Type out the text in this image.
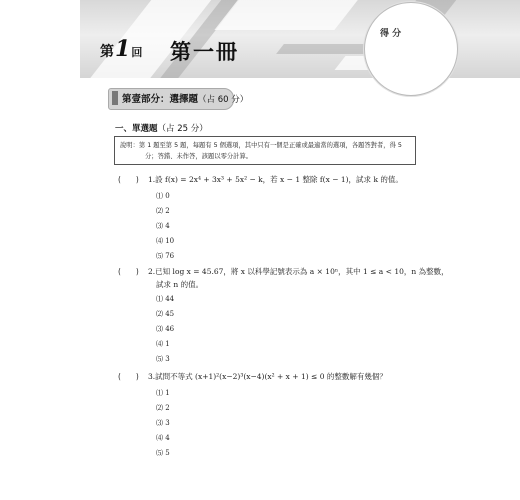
第1回 第一冊
得 分
第壹部分：選擇題（占 60 分）
一、單選題（占 25 分）
說明：第 1 題至第 5 題，每題有 5 個選項，其中只有一個是正確或最適當的選項，各題答對者，得 5
分；答錯、未作答，該題以零分計算。
(　　) 1.設 f(x) = 2x⁴ + 3x³ + 5x² − k，若 x − 1 整除 f(x − 1)，試求 k 的值。
⑴ 0
⑵ 2
⑶ 4
⑷ 10
⑸ 76
(　　) 2.已知 log x = 45.67，將 x 以科學記號表示為 a × 10ⁿ，其中 1 ≤ a < 10，n 為整數，
試求 n 的值。
⑴ 44
⑵ 45
⑶ 46
⑷ 1
⑸ 3
(　　) 3.試問不等式 (x+1)²(x−2)³(x−4)(x² + x + 1) ≤ 0 的整數解有幾個？
⑴ 1
⑵ 2
⑶ 3
⑷ 4
⑸ 5
